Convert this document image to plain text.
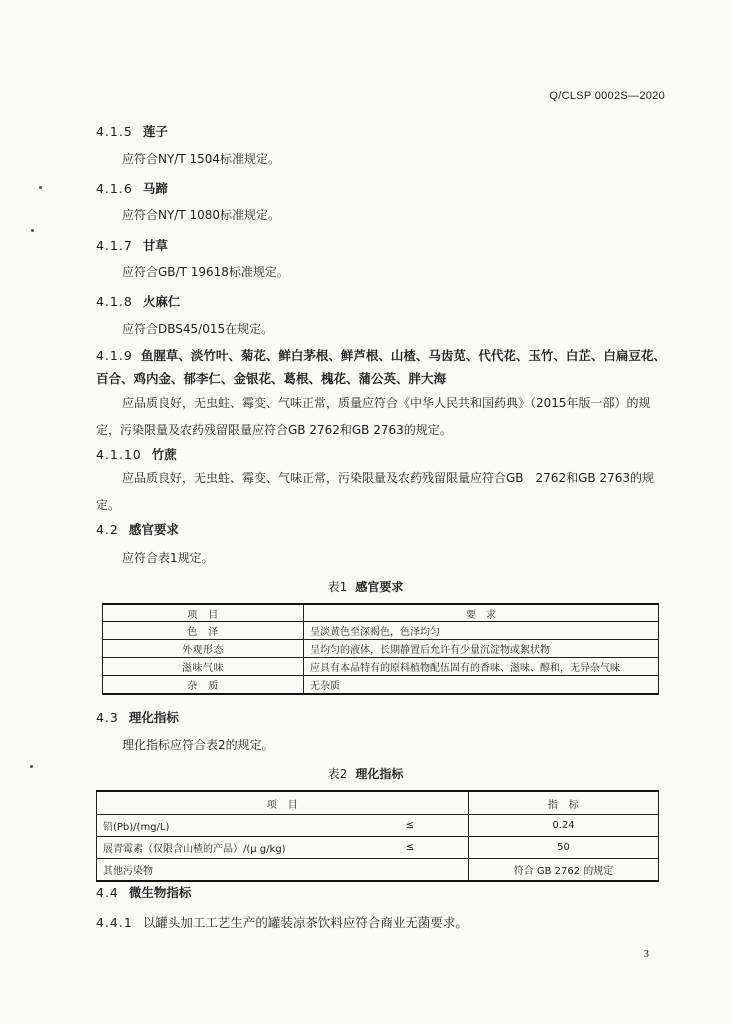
Q/CLSP 0002S—2020
4.1.5 莲子
应符合NY/T 1504标准规定。
4.1.6 马蹄
应符合NY/T 1080标准规定。
4.1.7 甘草
应符合GB/T 19618标准规定。
4.1.8 火麻仁
应符合DBS45/015在规定。
4.1.9 鱼腥草、淡竹叶、菊花、鲜白茅根、鲜芦根、山楂、马齿苋、代代花、玉竹、白芷、白扁豆花、百合、鸡内金、郁李仁、金银花、葛根、槐花、蒲公英、胖大海
应品质良好，无虫蛀、霉变、气味正常，质量应符合《中华人民共和国药典》（2015年版一部）的规定，污染限量及农药残留限量应符合GB 2762和GB 2763的规定。
4.1.10 竹蔗
应品质良好，无虫蛀、霉变、气味正常，污染限量及农药残留限量应符合GB　2762和GB 2763的规定。
4.2 感官要求
应符合表1规定。
表1 感官要求
项　目	要　求
色　泽	呈淡黄色至深褐色，色泽均匀
外观形态	呈均匀的液体，长期静置后允许有少量沉淀物或絮状物
滋味气味	应具有本品特有的原料植物配伍固有的香味、滋味、醇和，无异杂气味
杂　质	无杂质
4.3 理化指标
理化指标应符合表2的规定。
表2 理化指标
项　目		指　标
铅(Pb)/(mg/L)	≤	0.24
展青霉素（仅限含山楂的产品）/(μ g/kg)	≤	50
其他污染物		符合 GB 2762 的规定
4.4 微生物指标
4.4.1 以罐头加工工艺生产的罐装凉茶饮料应符合商业无菌要求。
3
